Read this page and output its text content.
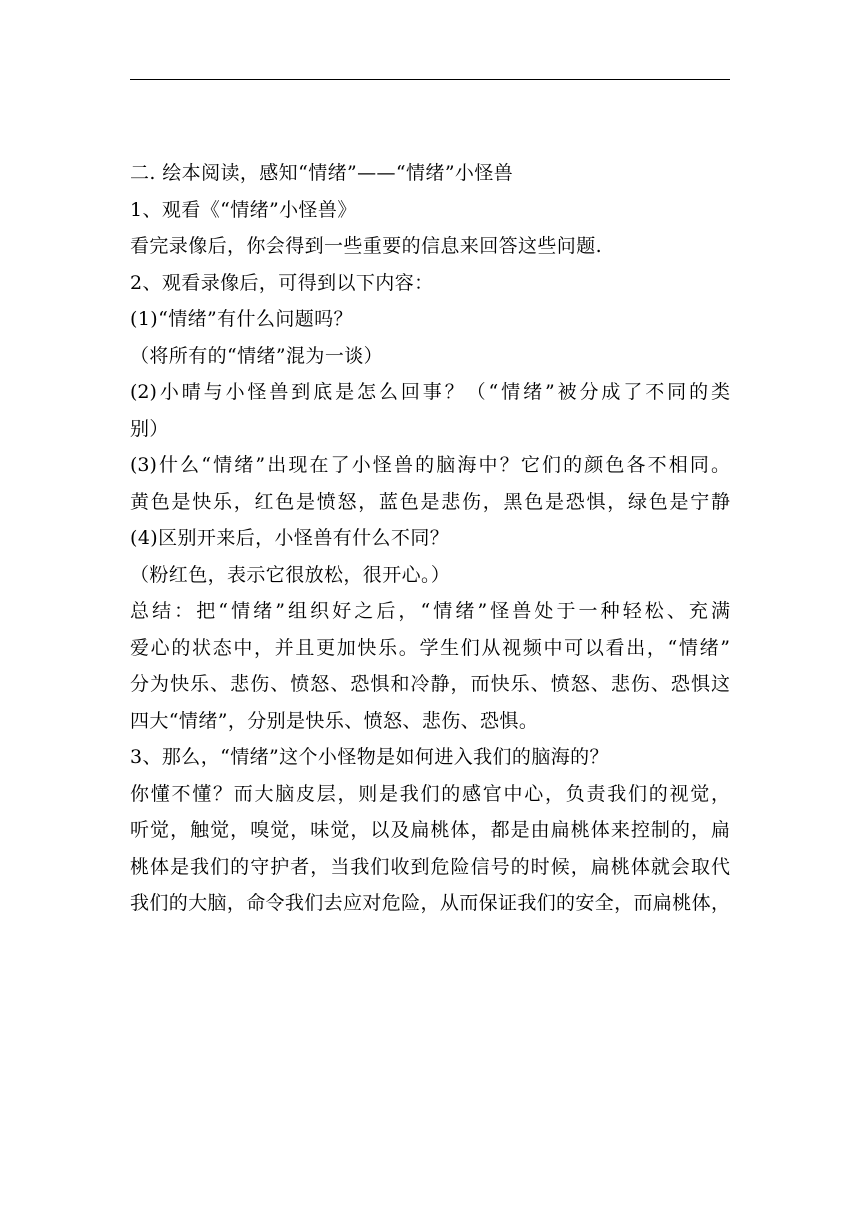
二. 绘本阅读，感知“情绪”——“情绪”小怪兽
1、观看《“情绪”小怪兽》
看完录像后，你会得到一些重要的信息来回答这些问题.
2、观看录像后，可得到以下内容：
(1)“情绪”有什么问题吗？
（将所有的“情绪”混为一谈）
(2)小晴与小怪兽到底是怎么回事？（“情绪”被分成了不同的类
别）
(3)什么“情绪”出现在了小怪兽的脑海中？它们的颜色各不相同。
黄色是快乐，红色是愤怒，蓝色是悲伤，黑色是恐惧，绿色是宁静
(4)区别开来后，小怪兽有什么不同？
（粉红色，表示它很放松，很开心。）
总结：把“情绪”组织好之后，“情绪”怪兽处于一种轻松、充满
爱心的状态中，并且更加快乐。学生们从视频中可以看出，“情绪”
分为快乐、悲伤、愤怒、恐惧和冷静，而快乐、愤怒、悲伤、恐惧这
四大“情绪”，分别是快乐、愤怒、悲伤、恐惧。
3、那么，“情绪”这个小怪物是如何进入我们的脑海的？
你懂不懂？而大脑皮层，则是我们的感官中心，负责我们的视觉，
听觉，触觉，嗅觉，味觉，以及扁桃体，都是由扁桃体来控制的，扁
桃体是我们的守护者，当我们收到危险信号的时候，扁桃体就会取代
我们的大脑，命令我们去应对危险，从而保证我们的安全，而扁桃体，
